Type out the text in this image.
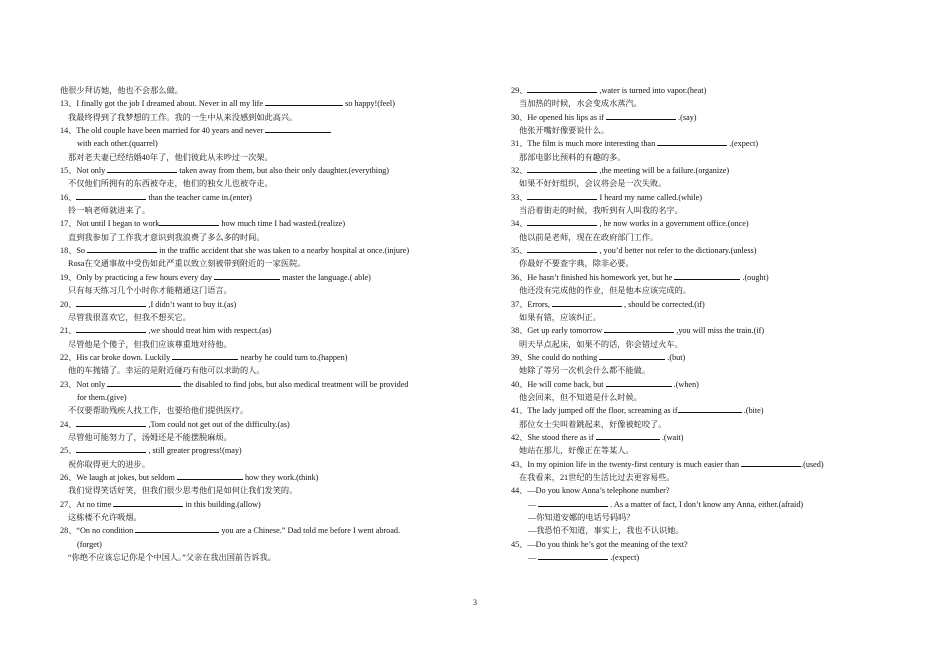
他很少拜访她，他也不会那么做。
13、I finally got the job I dreamed about. Never in all my life	so happy!(feel)
我最终得到了我梦想的工作。我的一生中从来没感到如此高兴。
14、The old couple have been married for 40 years and never
with each other.(quarrel)
那对老夫妻已经结婚40年了，他们彼此从未吵过一次架。
15、Not only	taken away from them, but also their only daughter.(everything)
不仅他们所拥有的东西被夺走，他们的独女儿也被夺走。
16、	than the teacher came in.(enter)
铃一响老师就进来了。
17、Not until I began to work	how much time I had wasted.(realize)
直到我参加了工作我才意识到我浪费了多么多的时间。
18、So	in the traffic accident that she was taken to a nearby hospital at once.(injure)
Rosa在交通事故中受伤如此严重以致立刻被带到附近的一家医院。
19、Only by practicing a few hours every day	master the language.( able)
只有每天练习几个小时你才能精通这门语言。
20、	,I didn’t want to buy it.(as)
尽管我很喜欢它，但我不想买它。
21、	,we should treat him with respect.(as)
尽管他是个傻子，但我们应该尊重地对待他。
22、His car broke down. Luckily	nearby he could turn to.(happen)
他的车抛锚了。幸运的是附近碰巧有他可以求助的人。
23、Not only	the disabled to find jobs, but also medical treatment will be provided
for them.(give)
不仅要帮助残疾人找工作，也要给他们提供医疗。
24、	,Tom could not get out of the difficulty.(as)
尽管他可能努力了，汤姆还是不能摆脱麻烦。
25、	, still greater progress!(may)
祝你取得更大的进步。
26、We laugh at jokes, but seldom	how they work.(think)
我们觉得笑话好笑，但我们很少思考他们是如何让我们发笑的。
27、At no time	in this building.(allow)
这栋楼不允许吸烟。
28、“On no condition	you are a Chinese.” Dad told me before I went abroad.
(forget)
“你绝不应该忘记你是个中国人。”父亲在我出国前告诉我。
29、	,water is turned into vapor.(heat)
当加热的时候，水会变成水蒸汽。
30、He opened his lips as if	.(say)
他张开嘴好像要说什么。
31、The film is much more interesting than	.(expect)
那部电影比预料的有趣的多。
32、	,the meeting will be a failure.(organize)
如果不好好组织，会议将会是一次失败。
33、	I heard my name called.(while)
当沿着街走的时候，我听到有人叫我的名字。
34、	, he now works in a government office.(once)
他以前是老师，现在在政府部门工作。
35、	, you’d better not refer to the dictionary.(unless)
你最好不要查字典，除非必要。
36、He hasn’t finished his homework yet, but he	.(ought)
他还没有完成他的作业，但是他本应该完成的。
37、Errors,	, should be corrected.(if)
如果有错，应该纠正。
38、Get up early tomorrow	,you will miss the train.(if)
明天早点起床，如果不的话，你会错过火车。
39、She could do nothing	.(but)
她除了等另一次机会什么都不能做。
40、He will come back, but	.(when)
他会回来，但不知道是什么时候。
41、The lady jumped off the floor, screaming as if	.(bite)
那位女士尖叫着跳起来，好像被蛇咬了。
42、She stood there as if	.(wait)
她站在那儿，好像正在等某人。
43、In my opinion life in the twenty-first century is much easier than	.(used)
在我看来，21世纪的生活比过去更容易些。
44、—Do you know Anna’s telephone number?
—	. As a matter of fact, I don’t know any Anna, either.(afraid)
—你知道安娜的电话号码吗？
—我恐怕不知道，事实上，我也不认识她。
45、—Do you think he’s got the meaning of the text?
—	.(expect)
3
